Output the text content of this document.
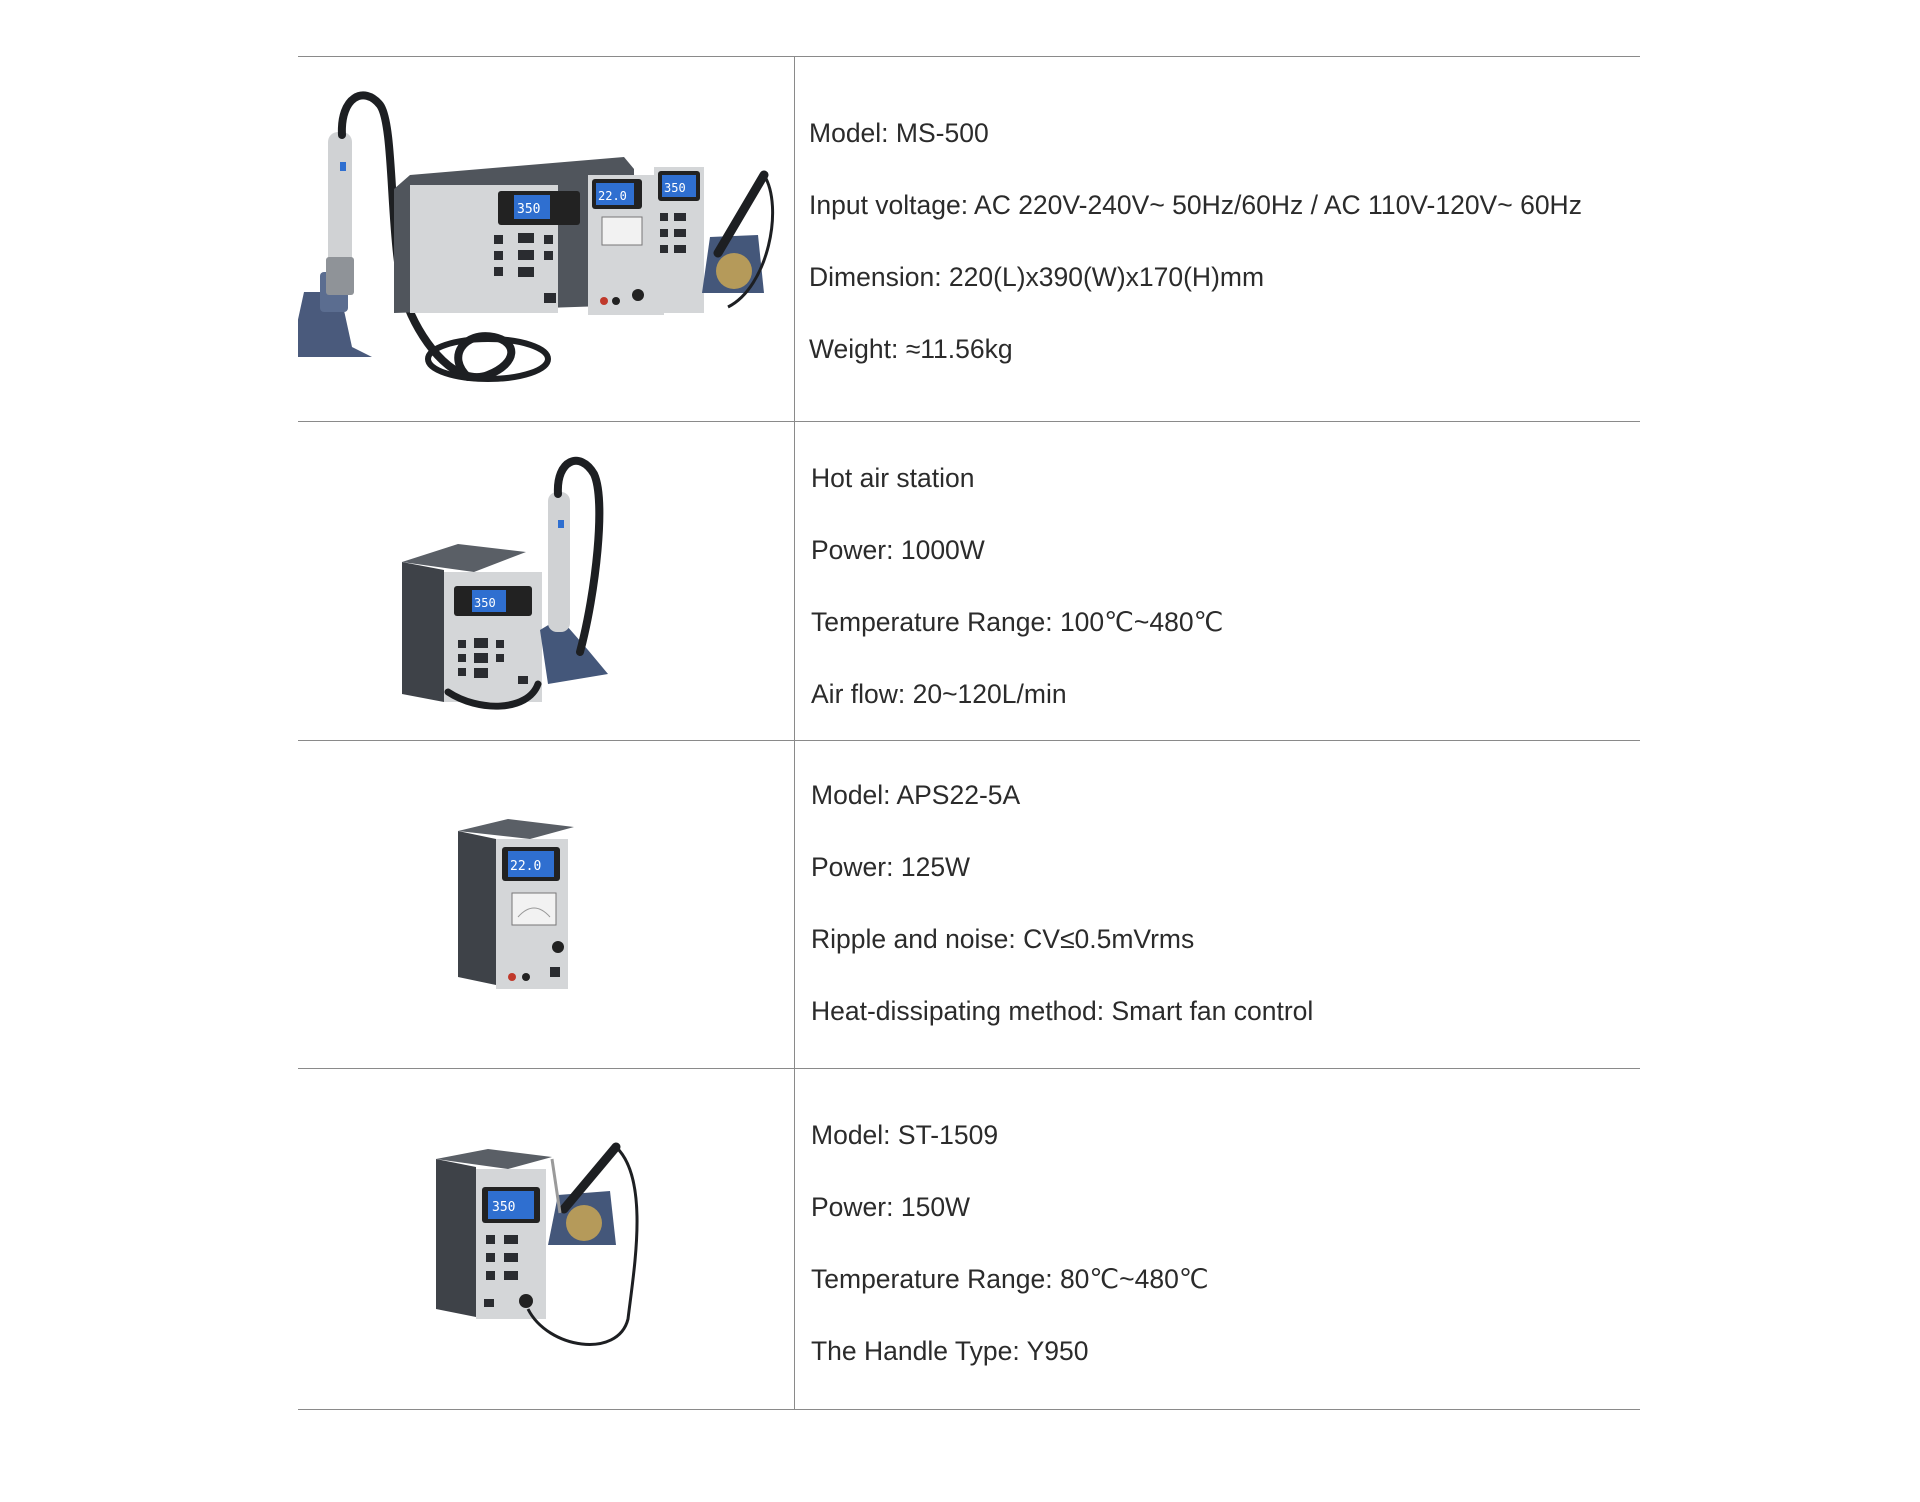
350
22.0
350
Model: MS-500
Input voltage: AC 220V-240V~ 50Hz/60Hz / AC 110V-120V~ 60Hz
Dimension: 220(L)x390(W)x170(H)mm
Weight: ≈11.56kg
350
Hot air station
Power: 1000W
Temperature Range: 100℃~480℃
Air flow: 20~120L/min
22.0
Model: APS22-5A
Power: 125W
Ripple and noise: CV≤0.5mVrms
Heat-dissipating method: Smart fan control
350
Model: ST-1509
Power: 150W
Temperature Range: 80℃~480℃
The Handle Type: Y950
